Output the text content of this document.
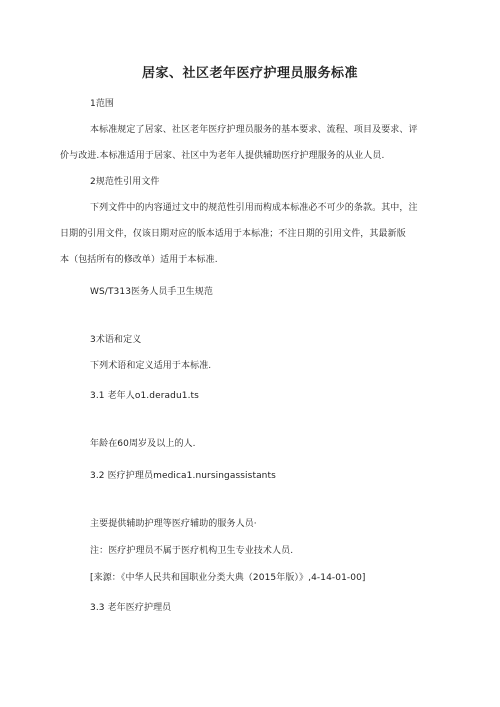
居家、社区老年医疗护理员服务标准

1范围

本标准规定了居家、社区老年医疗护理员服务的基本要求、流程、项目及要求、评

价与改进.本标准适用于居家、社区中为老年人提供辅助医疗护理服务的从业人员.

2规范性引用文件

下列文件中的内容通过文中的规范性引用而构成本标准必不可少的条款。其中，注

日期的引用文件，仅该日期对应的版本适用于本标准；不注日期的引用文件，其最新版

本（包括所有的修改单）适用于本标准.

WS/T313医务人员手卫生规范

3术语和定义

下列术语和定义适用于本标准.

3.1 老年人o1.deradu1.ts

年龄在60周岁及以上的人.

3.2 医疗护理员medica1.nursingassistants

主要提供辅助护理等医疗辅助的服务人员·

注：医疗护理员不属于医疗机构卫生专业技术人员.

[来源：《中华人民共和国职业分类大典（2015年版）》,4-14-01-00]

3.3 老年医疗护理员
